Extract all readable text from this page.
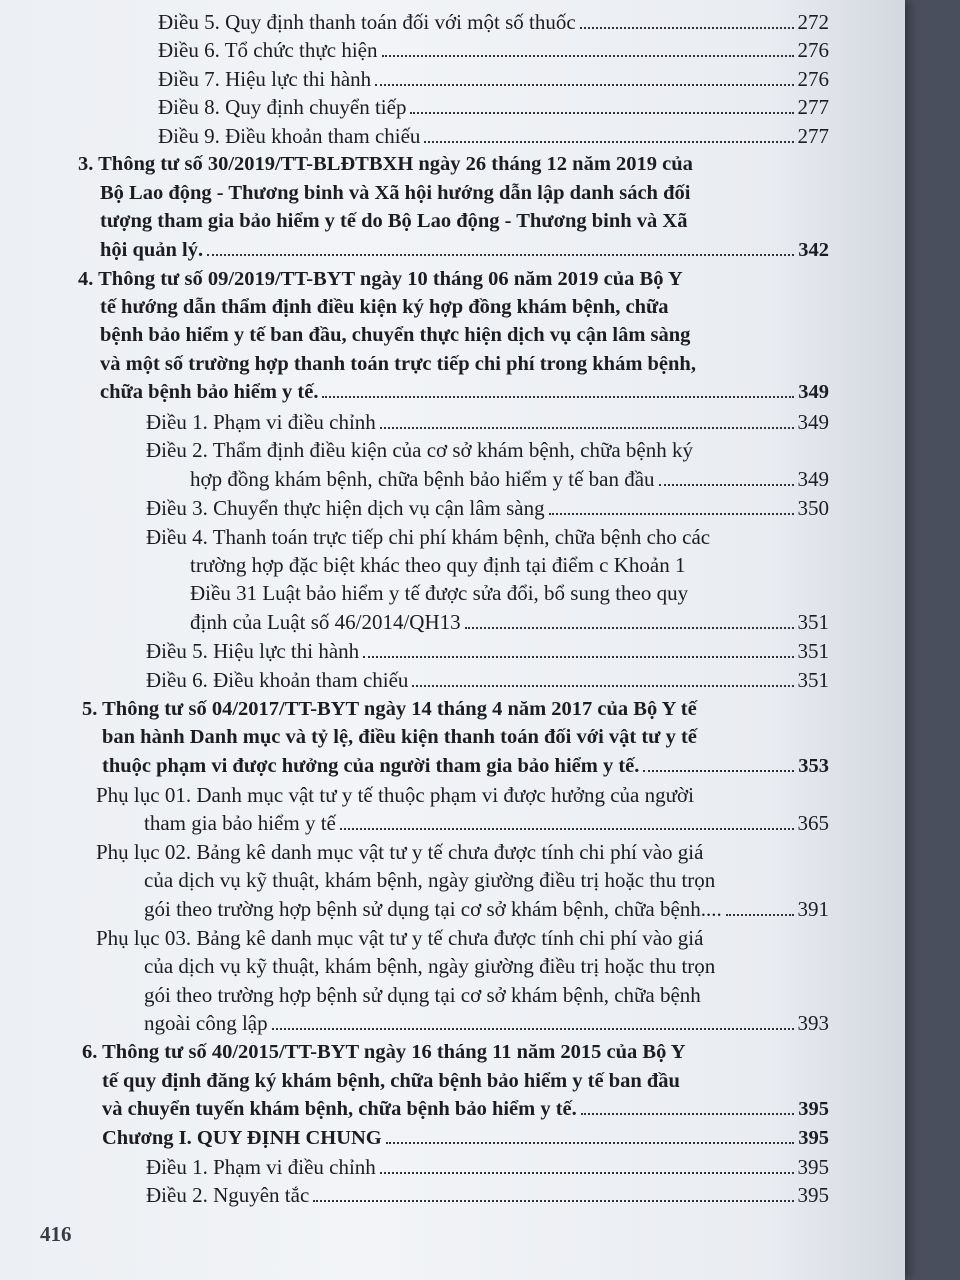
Điều 5. Quy định thanh toán đối với một số thuốc	272
Điều 6. Tổ chức thực hiện	276
Điều 7. Hiệu lực thi hành	276
Điều 8. Quy định chuyển tiếp	277
Điều 9. Điều khoản tham chiếu	277
3. Thông tư số 30/2019/TT-BLĐTBXH ngày 26 tháng 12 năm 2019 của
Bộ Lao động - Thương binh và Xã hội hướng dẫn lập danh sách đối
tượng tham gia bảo hiểm y tế do Bộ Lao động - Thương binh và Xã
hội quản lý.	342
4. Thông tư số 09/2019/TT-BYT ngày 10 tháng 06 năm 2019 của Bộ Y
tế hướng dẫn thẩm định điều kiện ký hợp đồng khám bệnh, chữa
bệnh bảo hiểm y tế ban đầu, chuyển thực hiện dịch vụ cận lâm sàng
và một số trường hợp thanh toán trực tiếp chi phí trong khám bệnh,
chữa bệnh bảo hiểm y tế.	349
Điều 1. Phạm vi điều chỉnh	349
Điều 2. Thẩm định điều kiện của cơ sở khám bệnh, chữa bệnh ký
hợp đồng khám bệnh, chữa bệnh bảo hiểm y tế ban đầu	349
Điều 3. Chuyển thực hiện dịch vụ cận lâm sàng	350
Điều 4. Thanh toán trực tiếp chi phí khám bệnh, chữa bệnh cho các
trường hợp đặc biệt khác theo quy định tại điểm c Khoản 1
Điều 31 Luật bảo hiểm y tế được sửa đổi, bổ sung theo quy
định của Luật số 46/2014/QH13	351
Điều 5. Hiệu lực thi hành	351
Điều 6. Điều khoản tham chiếu	351
5. Thông tư số 04/2017/TT-BYT ngày 14 tháng 4 năm 2017 của Bộ Y tế
ban hành Danh mục và tỷ lệ, điều kiện thanh toán đối với vật tư y tế
thuộc phạm vi được hưởng của người tham gia bảo hiểm y tế.	353
Phụ lục 01. Danh mục vật tư y tế thuộc phạm vi được hưởng của người
tham gia bảo hiểm y tế	365
Phụ lục 02. Bảng kê danh mục vật tư y tế chưa được tính chi phí vào giá
của dịch vụ kỹ thuật, khám bệnh, ngày giường điều trị hoặc thu trọn
gói theo trường hợp bệnh sử dụng tại cơ sở khám bệnh, chữa bệnh....	391
Phụ lục 03. Bảng kê danh mục vật tư y tế chưa được tính chi phí vào giá
của dịch vụ kỹ thuật, khám bệnh, ngày giường điều trị hoặc thu trọn
gói theo trường hợp bệnh sử dụng tại cơ sở khám bệnh, chữa bệnh
ngoài công lập	393
6. Thông tư số 40/2015/TT-BYT ngày 16 tháng 11 năm 2015 của Bộ Y
tế quy định đăng ký khám bệnh, chữa bệnh bảo hiểm y tế ban đầu
và chuyển tuyến khám bệnh, chữa bệnh bảo hiểm y tế.	395
Chương I. QUY ĐỊNH CHUNG	395
Điều 1. Phạm vi điều chỉnh	395
Điều 2. Nguyên tắc	395
416
